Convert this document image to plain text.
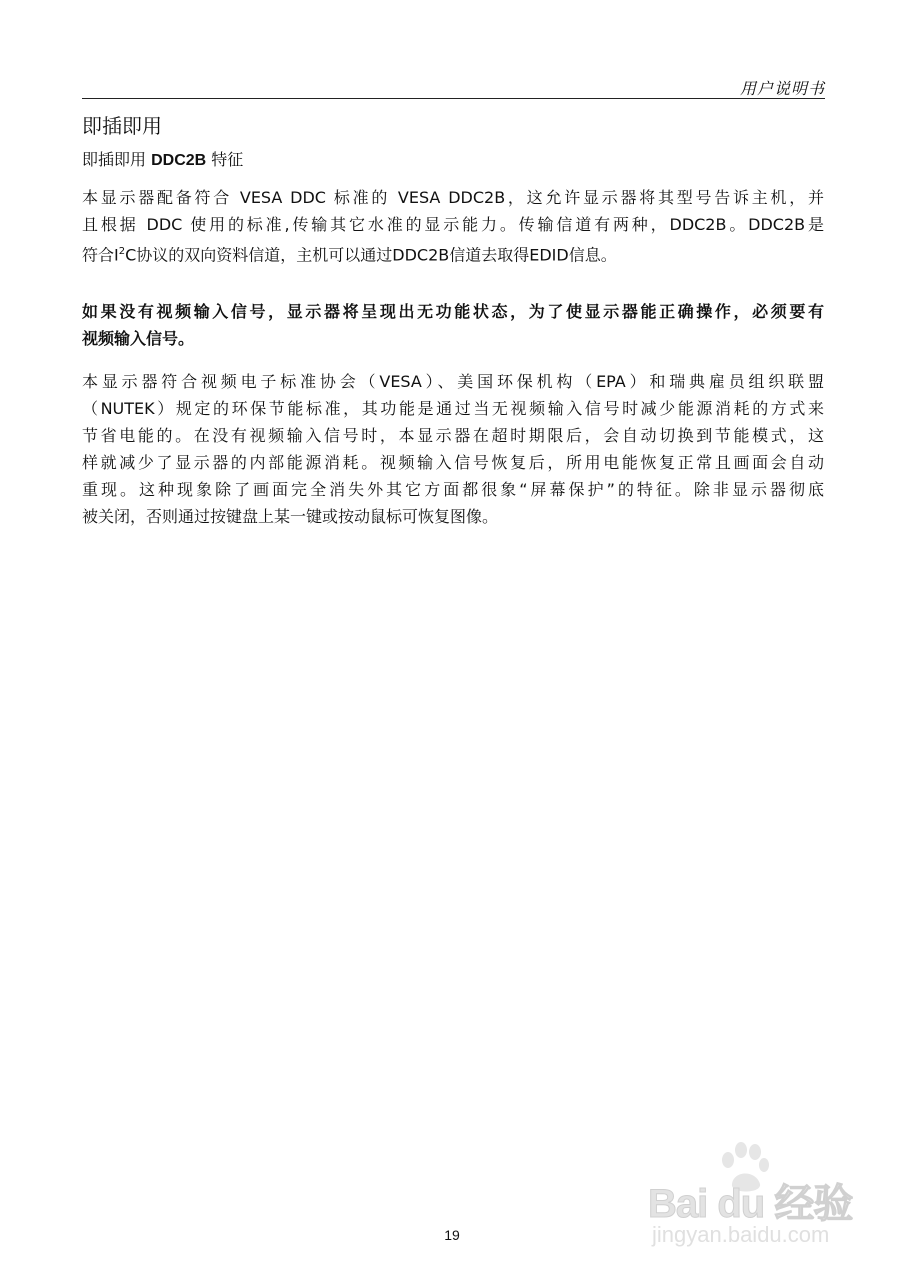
用户说明书
即插即用
即插即用 DDC2B 特征
本显示器配备符合 VESA DDC 标准的 VESA DDC2B，这允许显示器将其型号告诉主机，并
且根据 DDC 使用的标准,传输其它水准的显示能力。传输信道有两种，DDC2B。DDC2B是
符合$I^2C$协议的双向资料信道，主机可以通过DDC2B信道去取得EDID信息。
如果没有视频输入信号，显示器将呈现出无功能状态，为了使显示器能正确操作，必须要有
视频输入信号。
本显示器符合视频电子标准协会（VESA）、美国环保机构（EPA）和瑞典雇员组织联盟
（NUTEK）规定的环保节能标准，其功能是通过当无视频输入信号时减少能源消耗的方式来
节省电能的。在没有视频输入信号时，本显示器在超时期限后，会自动切换到节能模式，这
样就减少了显示器的内部能源消耗。视频输入信号恢复后，所用电能恢复正常且画面会自动
重现。这种现象除了画面完全消失外其它方面都很象“屏幕保护”的特征。除非显示器彻底
被关闭，否则通过按键盘上某一键或按动鼠标可恢复图像。
Bai du 经验
jingyan.baidu.com
19
